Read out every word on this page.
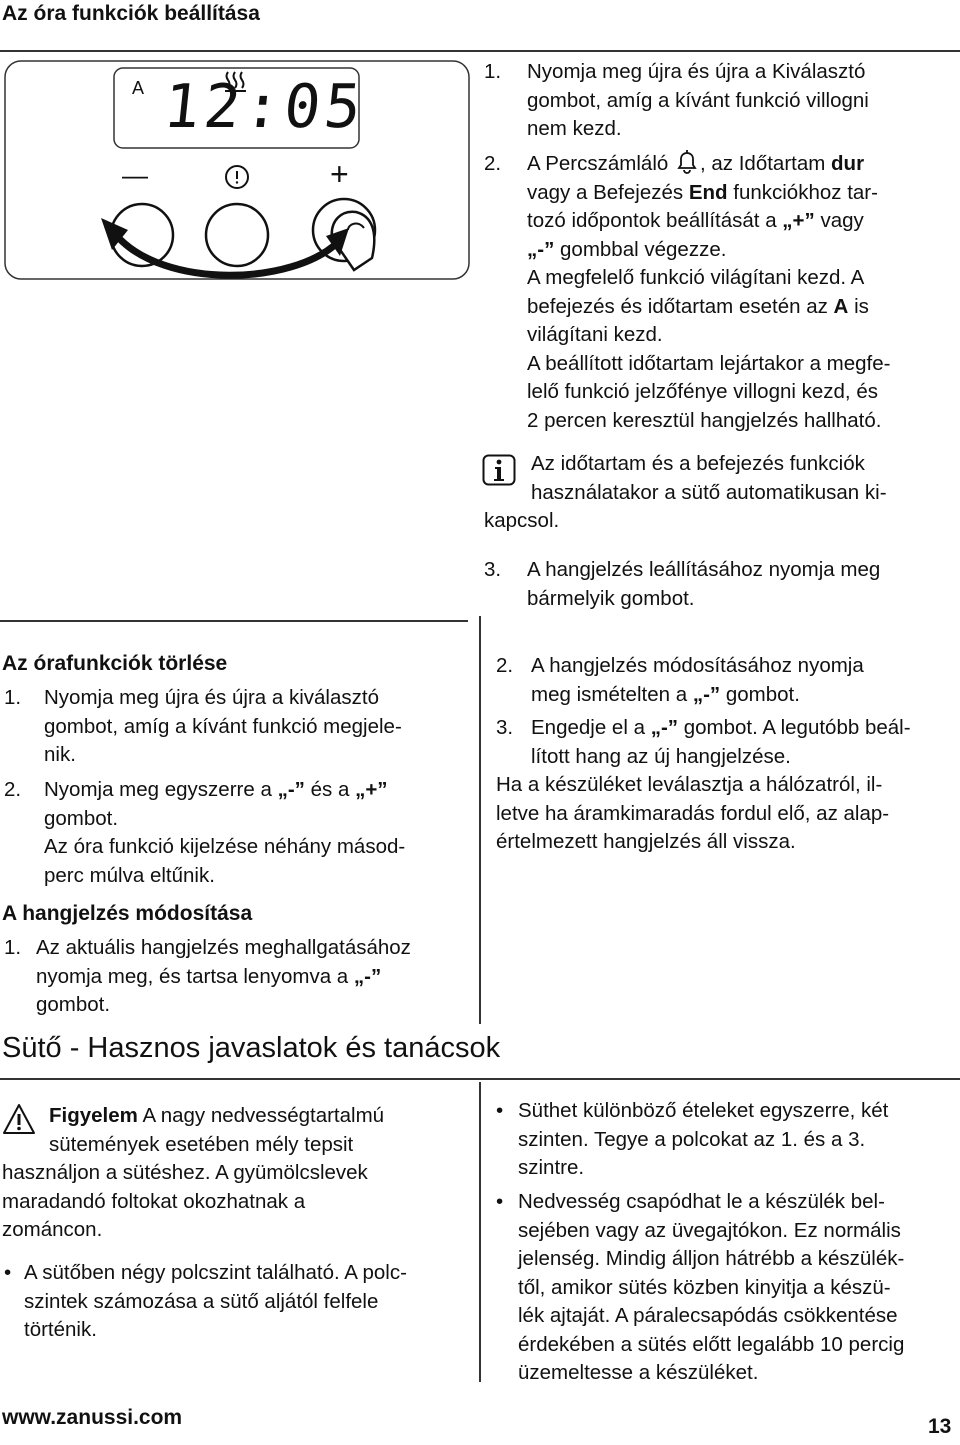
Az óra funkciók beállítása
A 12:05
—	+
1. Nyomja meg újra és újra a Kiválasztó
gombot, amíg a kívánt funkció villogni
nem kezd.
2. A Percszámláló , az Időtartam dur
vagy a Befejezés End funkciókhoz tar-
tozó időpontok beállítását a „+” vagy
„-” gombbal végezze.
A megfelelő funkció világítani kezd. A
befejezés és időtartam esetén az A is
világítani kezd.
A beállított időtartam lejártakor a megfe-
lelő funkció jelzőfénye villogni kezd, és
2 percen keresztül hangjelzés hallható.
Az időtartam és a befejezés funkciók
használatakor a sütő automatikusan ki-
kapcsol.
3. A hangjelzés leállításához nyomja meg
bármelyik gombot.
Az órafunkciók törlése
1. Nyomja meg újra és újra a kiválasztó
gombot, amíg a kívánt funkció megjele-
nik.
2. Nyomja meg egyszerre a „-” és a „+”
gombot.
Az óra funkció kijelzése néhány másod-
perc múlva eltűnik.
A hangjelzés módosítása
1. Az aktuális hangjelzés meghallgatásához
nyomja meg, és tartsa lenyomva a „-”
gombot.
2. A hangjelzés módosításához nyomja
meg ismételten a „-” gombot.
3. Engedje el a „-” gombot. A legutóbb beál-
lított hang az új hangjelzése.
Ha a készüléket leválasztja a hálózatról, il-
letve ha áramkimaradás fordul elő, az alap-
értelmezett hangjelzés áll vissza.
Sütő - Hasznos javaslatok és tanácsok
Figyelem A nagy nedvességtartalmú
sütemények esetében mély tepsit
használjon a sütéshez. A gyümölcslevek
maradandó foltokat okozhatnak a
zománcon.
• A sütőben négy polcszint található. A polc-
szintek számozása a sütő aljától felfele
történik.
• Süthet különböző ételeket egyszerre, két
szinten. Tegye a polcokat az 1. és a 3.
szintre.
• Nedvesség csapódhat le a készülék bel-
sejében vagy az üvegajtókon. Ez normális
jelenség. Mindig álljon hátrébb a készülék-
től, amikor sütés közben kinyitja a készü-
lék ajtaját. A páralecsapódás csökkentése
érdekében a sütés előtt legalább 10 percig
üzemeltesse a készüléket.
www.zanussi.com	13
